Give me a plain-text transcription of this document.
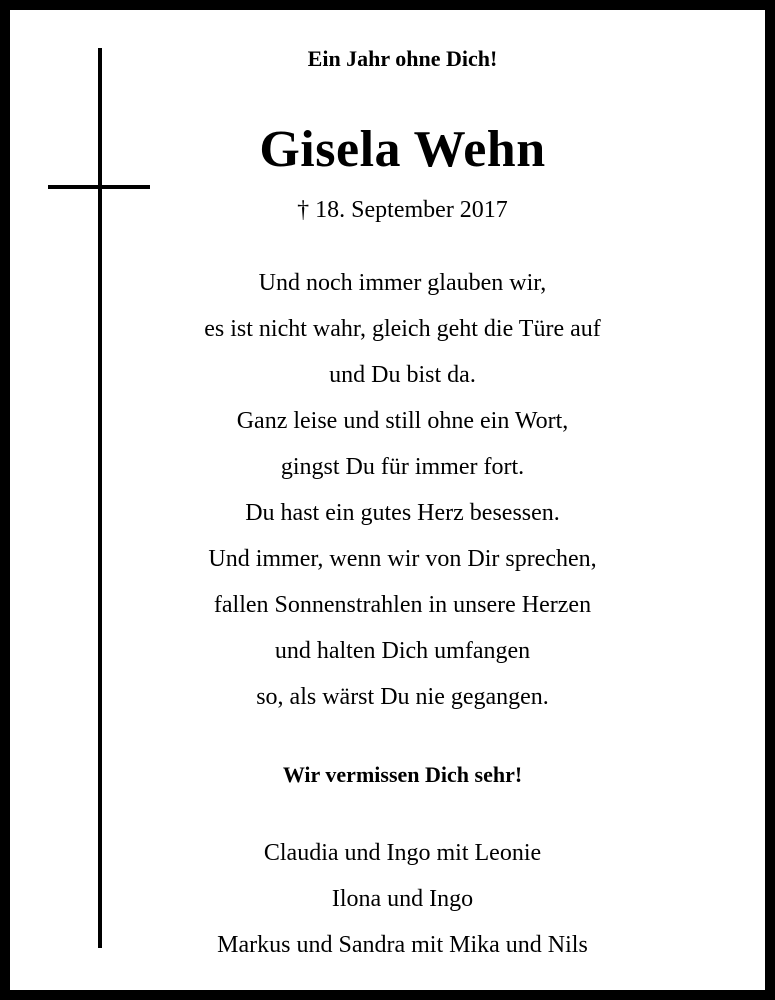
Ein Jahr ohne Dich!
Gisela Wehn
† 18. September 2017
Und noch immer glauben wir,
es ist nicht wahr, gleich geht die Türe auf
und Du bist da.
Ganz leise und still ohne ein Wort,
gingst Du für immer fort.
Du hast ein gutes Herz besessen.
Und immer, wenn wir von Dir sprechen,
fallen Sonnenstrahlen in unsere Herzen
und halten Dich umfangen
so, als wärst Du nie gegangen.
Wir vermissen Dich sehr!
Claudia und Ingo mit Leonie
Ilona und Ingo
Markus und Sandra mit Mika und Nils
